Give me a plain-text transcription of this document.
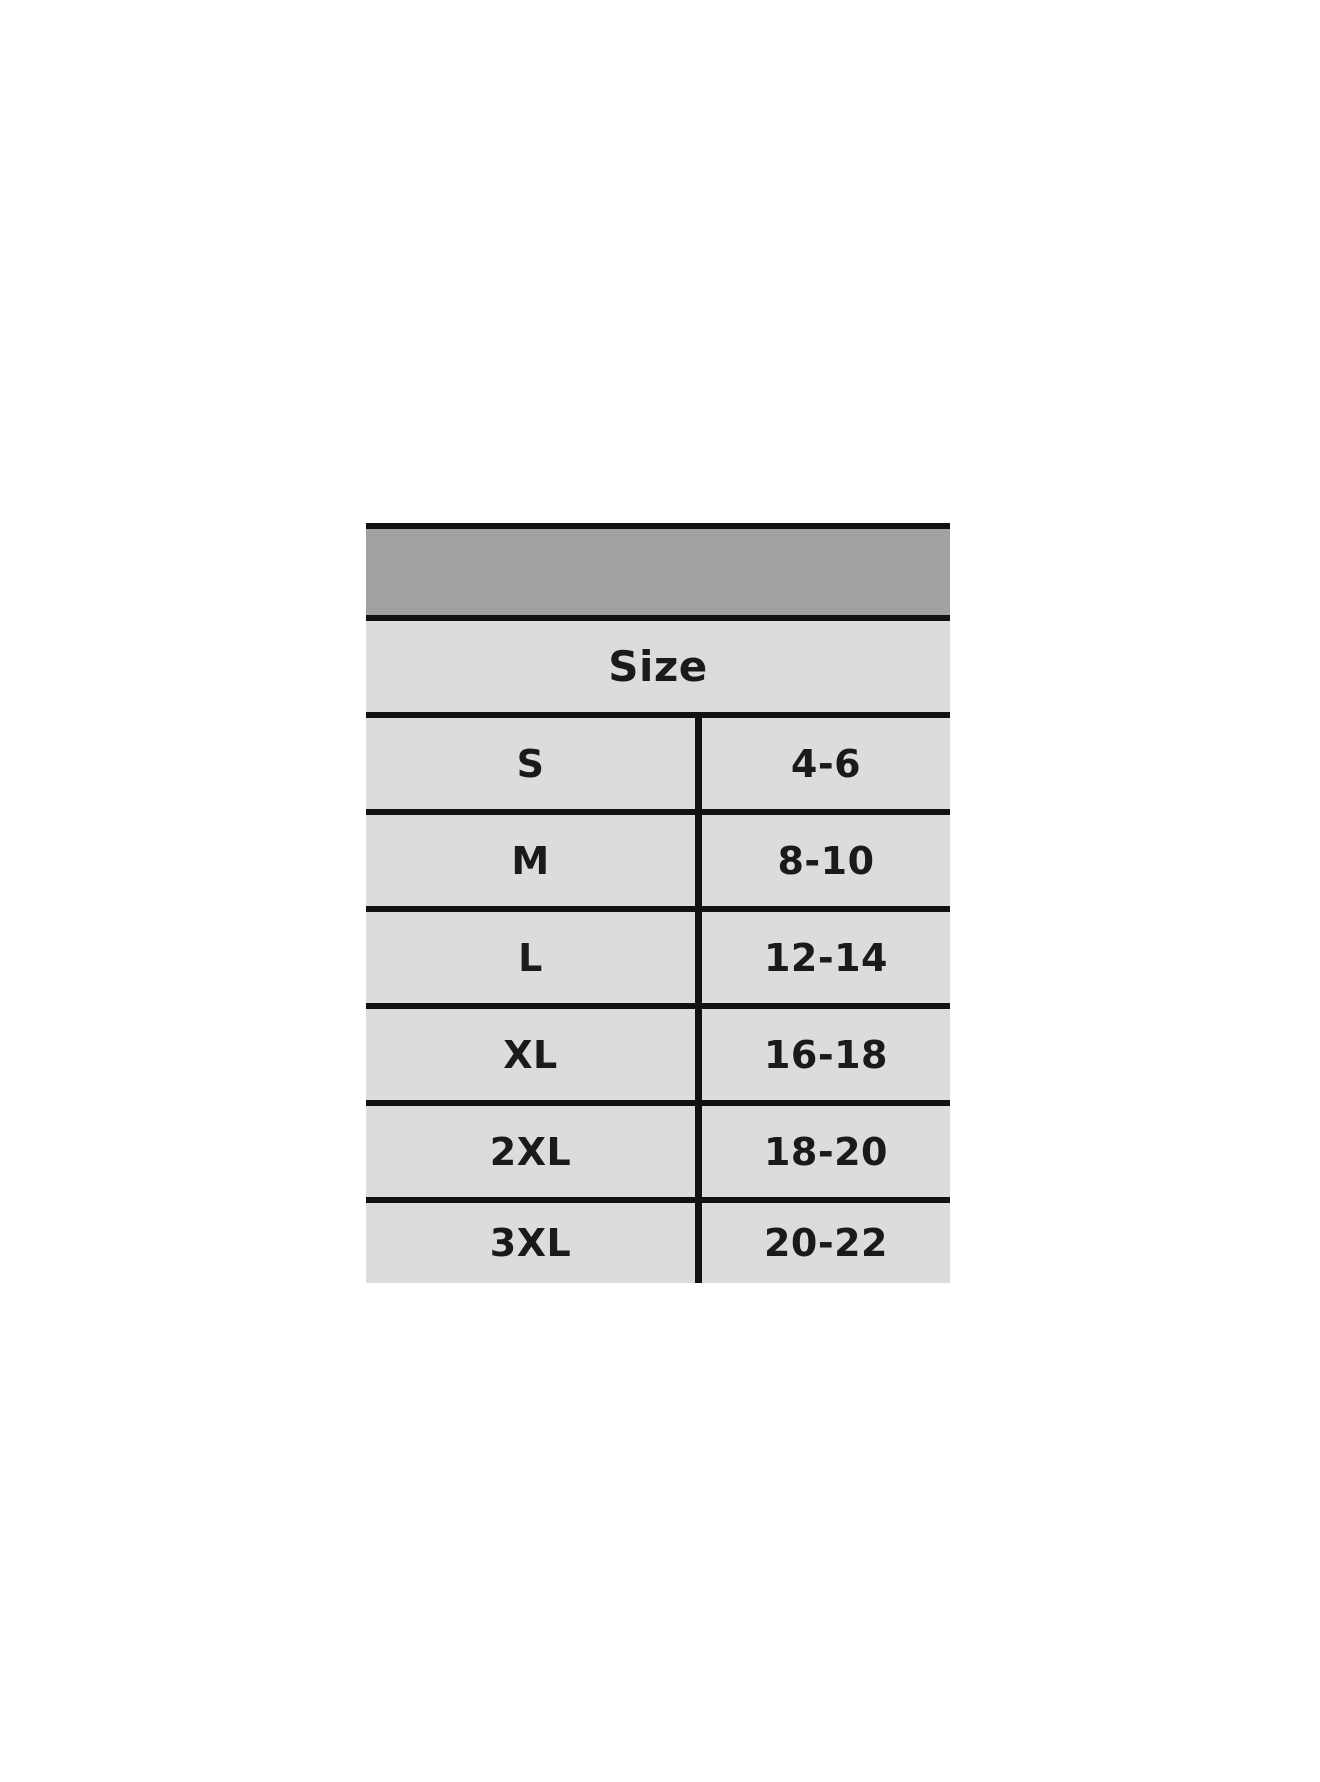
Size
S	4-6
M	8-10
L	12-14
XL	16-18
2XL	18-20
3XL	20-22
